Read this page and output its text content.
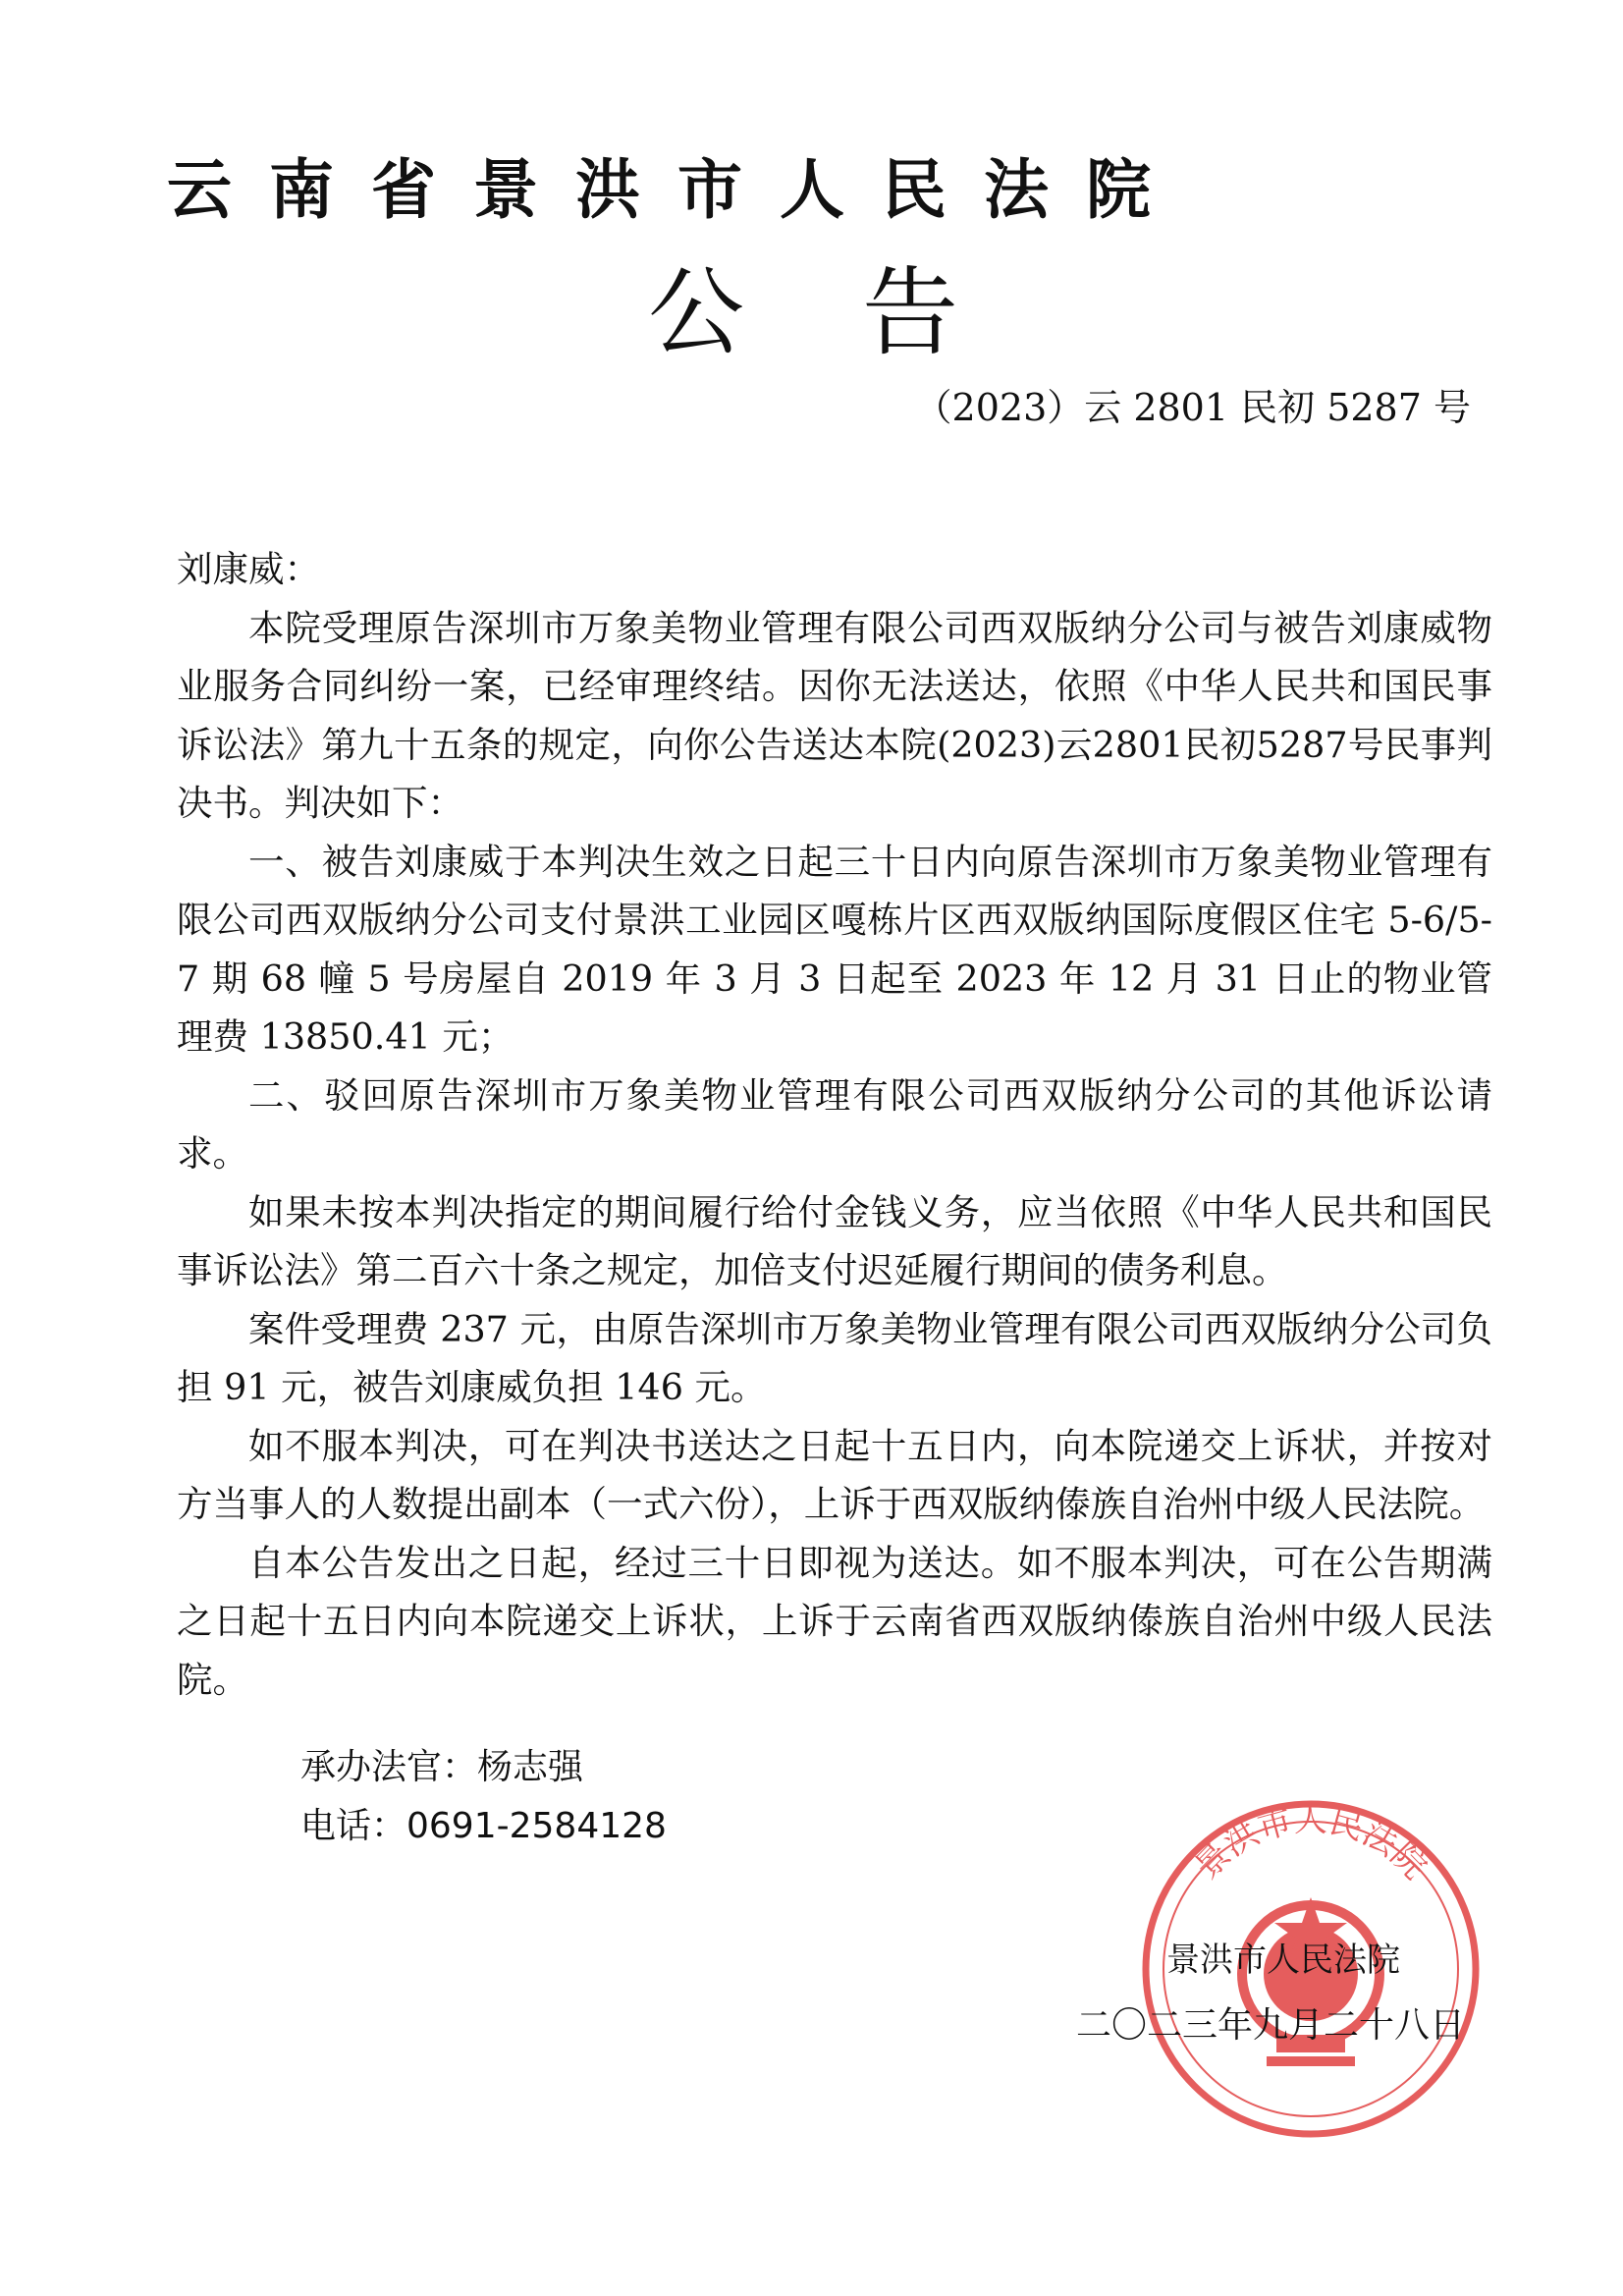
云南省景洪市人民法院
公告
（2023）云 2801 民初 5287 号

刘康威：

本院受理原告深圳市万象美物业管理有限公司西双版纳分公司与被告刘康威物业服务合同纠纷一案，已经审理终结。因你无法送达，依照《中华人民共和国民事诉讼法》第九十五条的规定，向你公告送达本院(2023)云2801民初5287号民事判决书。判决如下：

一、被告刘康威于本判决生效之日起三十日内向原告深圳市万象美物业管理有限公司西双版纳分公司支付景洪工业园区嘎栋片区西双版纳国际度假区住宅 5-6/5-7 期 68 幢 5 号房屋自 2019 年 3 月 3 日起至 2023 年 12 月 31 日止的物业管理费 13850.41 元；

二、驳回原告深圳市万象美物业管理有限公司西双版纳分公司的其他诉讼请求。

如果未按本判决指定的期间履行给付金钱义务，应当依照《中华人民共和国民事诉讼法》第二百六十条之规定，加倍支付迟延履行期间的债务利息。

案件受理费 237 元，由原告深圳市万象美物业管理有限公司西双版纳分公司负担 91 元，被告刘康威负担 146 元。

如不服本判决，可在判决书送达之日起十五日内，向本院递交上诉状，并按对方当事人的人数提出副本（一式六份），上诉于西双版纳傣族自治州中级人民法院。

自本公告发出之日起，经过三十日即视为送达。如不服本判决，可在公告期满之日起十五日内向本院递交上诉状，上诉于云南省西双版纳傣族自治州中级人民法院。

承办法官：杨志强
电话：0691-2584128
景洪市人民法院
景洪市人民法院
二〇二三年九月二十八日
